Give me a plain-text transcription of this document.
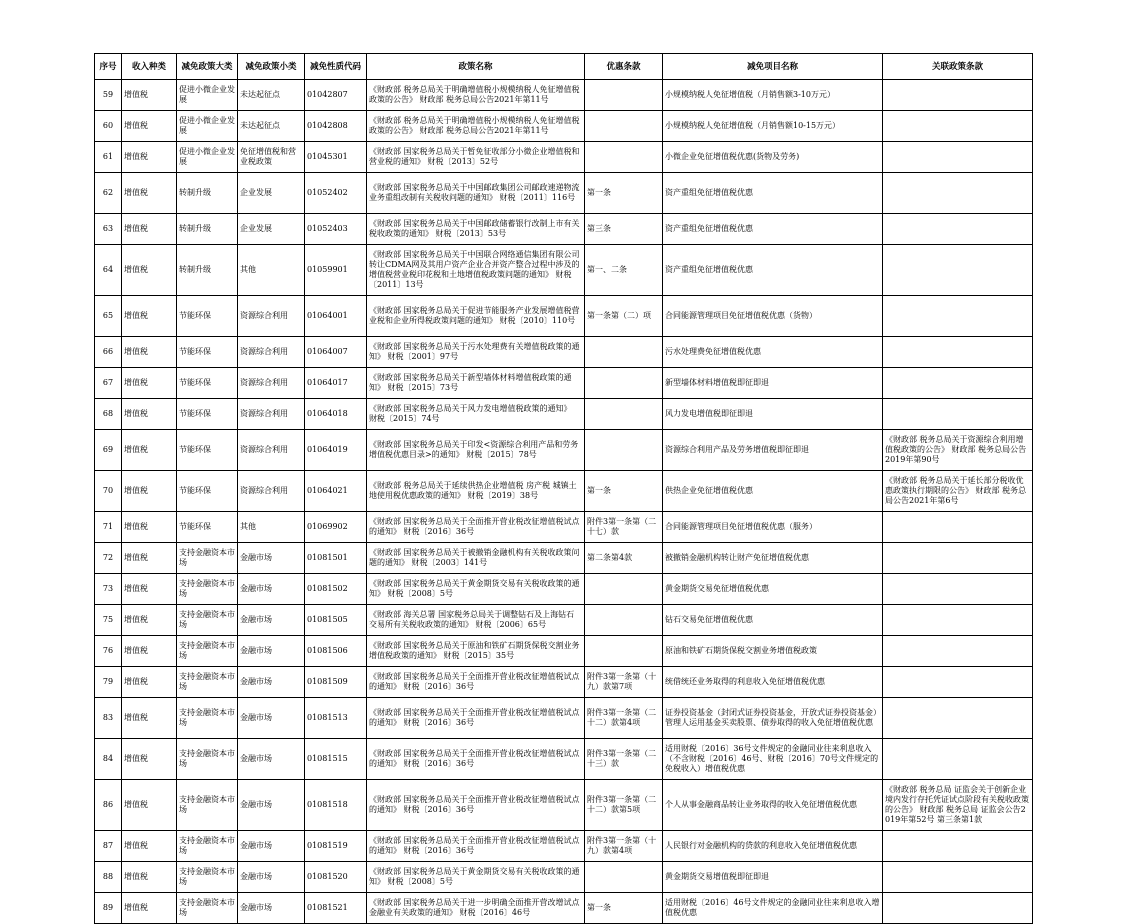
序号	收入种类	减免政策大类	减免政策小类	减免性质代码	政策名称	优惠条款	减免项目名称	关联政策条款
59	增值税	促进小微企业发展	未达起征点	01042807	《财政部 税务总局关于明确增值税小规模纳税人免征增值税政策的公告》 财政部 税务总局公告2021年第11号		小规模纳税人免征增值税（月销售额3-10万元）	
60	增值税	促进小微企业发展	未达起征点	01042808	《财政部 税务总局关于明确增值税小规模纳税人免征增值税政策的公告》 财政部 税务总局公告2021年第11号		小规模纳税人免征增值税（月销售额10-15万元）	
61	增值税	促进小微企业发展	免征增值税和营业税政策	01045301	《财政部 国家税务总局关于暂免征收部分小微企业增值税和营业税的通知》 财税〔2013〕52号		小微企业免征增值税优惠(货物及劳务)	
62	增值税	转制升级	企业发展	01052402	《财政部 国家税务总局关于中国邮政集团公司邮政速递物流业务重组改制有关税收问题的通知》 财税〔2011〕116号	第一条	资产重组免征增值税优惠	
63	增值税	转制升级	企业发展	01052403	《财政部 国家税务总局关于中国邮政储蓄银行改制上市有关税收政策的通知》 财税〔2013〕53号	第三条	资产重组免征增值税优惠	
64	增值税	转制升级	其他	01059901	《财政部 国家税务总局关于中国联合网络通信集团有限公司转让CDMA网及其用户资产企业合并资产整合过程中涉及的增值税营业税印花税和土地增值税政策问题的通知》 财税〔2011〕13号	第一、二条	资产重组免征增值税优惠	
65	增值税	节能环保	资源综合利用	01064001	《财政部 国家税务总局关于促进节能服务产业发展增值税营业税和企业所得税政策问题的通知》 财税〔2010〕110号	第一条第（二）项	合同能源管理项目免征增值税优惠（货物）	
66	增值税	节能环保	资源综合利用	01064007	《财政部 国家税务总局关于污水处理费有关增值税政策的通知》 财税〔2001〕97号		污水处理费免征增值税优惠	
67	增值税	节能环保	资源综合利用	01064017	《财政部 国家税务总局关于新型墙体材料增值税政策的通知》 财税〔2015〕73号		新型墙体材料增值税即征即退	
68	增值税	节能环保	资源综合利用	01064018	《财政部 国家税务总局关于风力发电增值税政策的通知》 财税〔2015〕74号		风力发电增值税即征即退	
69	增值税	节能环保	资源综合利用	01064019	《财政部 国家税务总局关于印发<资源综合利用产品和劳务增值税优惠目录>的通知》 财税〔2015〕78号		资源综合利用产品及劳务增值税即征即退	《财政部 税务总局关于资源综合利用增值税政策的公告》 财政部 税务总局公告2019年第90号
70	增值税	节能环保	资源综合利用	01064021	《财政部 税务总局关于延续供热企业增值税 房产税 城镇土地使用税优惠政策的通知》 财税〔2019〕38号	第一条	供热企业免征增值税优惠	《财政部 税务总局关于延长部分税收优惠政策执行期限的公告》 财政部 税务总局公告2021年第6号
71	增值税	节能环保	其他	01069902	《财政部 国家税务总局关于全面推开营业税改征增值税试点的通知》 财税〔2016〕36号	附件3第一条第（二十七）款	合同能源管理项目免征增值税优惠（服务）	
72	增值税	支持金融资本市场	金融市场	01081501	《财政部 国家税务总局关于被撤销金融机构有关税收政策问题的通知》 财税〔2003〕141号	第二条第4款	被撤销金融机构转让财产免征增值税优惠	
73	增值税	支持金融资本市场	金融市场	01081502	《财政部 国家税务总局关于黄金期货交易有关税收政策的通知》 财税〔2008〕5号		黄金期货交易免征增值税优惠	
75	增值税	支持金融资本市场	金融市场	01081505	《财政部 海关总署 国家税务总局关于调整钻石及上海钻石交易所有关税收政策的通知》 财税〔2006〕65号		钻石交易免征增值税优惠	
76	增值税	支持金融资本市场	金融市场	01081506	《财政部 国家税务总局关于原油和铁矿石期货保税交割业务增值税政策的通知》 财税〔2015〕35号		原油和铁矿石期货保税交割业务增值税政策	
79	增值税	支持金融资本市场	金融市场	01081509	《财政部 国家税务总局关于全面推开营业税改征增值税试点的通知》 财税〔2016〕36号	附件3第一条第（十九）款第7项	统借统还业务取得的利息收入免征增值税优惠	
83	增值税	支持金融资本市场	金融市场	01081513	《财政部 国家税务总局关于全面推开营业税改征增值税试点的通知》 财税〔2016〕36号	附件3第一条第（二十二）款第4项	证券投资基金（封闭式证券投资基金，开放式证券投资基金）管理人运用基金买卖股票、债券取得的收入免征增值税优惠	
84	增值税	支持金融资本市场	金融市场	01081515	《财政部 国家税务总局关于全面推开营业税改征增值税试点的通知》 财税〔2016〕36号	附件3第一条第（二十三）款	适用财税〔2016〕36号文件规定的金融同业往来利息收入（不含财税〔2016〕46号、财税〔2016〕70号文件规定的免税收入）增值税优惠	
86	增值税	支持金融资本市场	金融市场	01081518	《财政部 国家税务总局关于全面推开营业税改征增值税试点的通知》 财税〔2016〕36号	附件3第一条第（二十二）款第5项	个人从事金融商品转让业务取得的收入免征增值税优惠	《财政部 税务总局 证监会关于创新企业境内发行存托凭证试点阶段有关税收政策的公告》 财政部 税务总局 证监会公告2019年第52号 第三条第1款
87	增值税	支持金融资本市场	金融市场	01081519	《财政部 国家税务总局关于全面推开营业税改征增值税试点的通知》 财税〔2016〕36号	附件3第一条第（十九）款第4项	人民银行对金融机构的贷款的利息收入免征增值税优惠	
88	增值税	支持金融资本市场	金融市场	01081520	《财政部 国家税务总局关于黄金期货交易有关税收政策的通知》 财税〔2008〕5号		黄金期货交易增值税即征即退	
89	增值税	支持金融资本市场	金融市场	01081521	《财政部 国家税务总局关于进一步明确全面推开营改增试点金融业有关政策的通知》 财税〔2016〕46号	第一条	适用财税〔2016〕46号文件规定的金融同业往来利息收入增值税优惠	
